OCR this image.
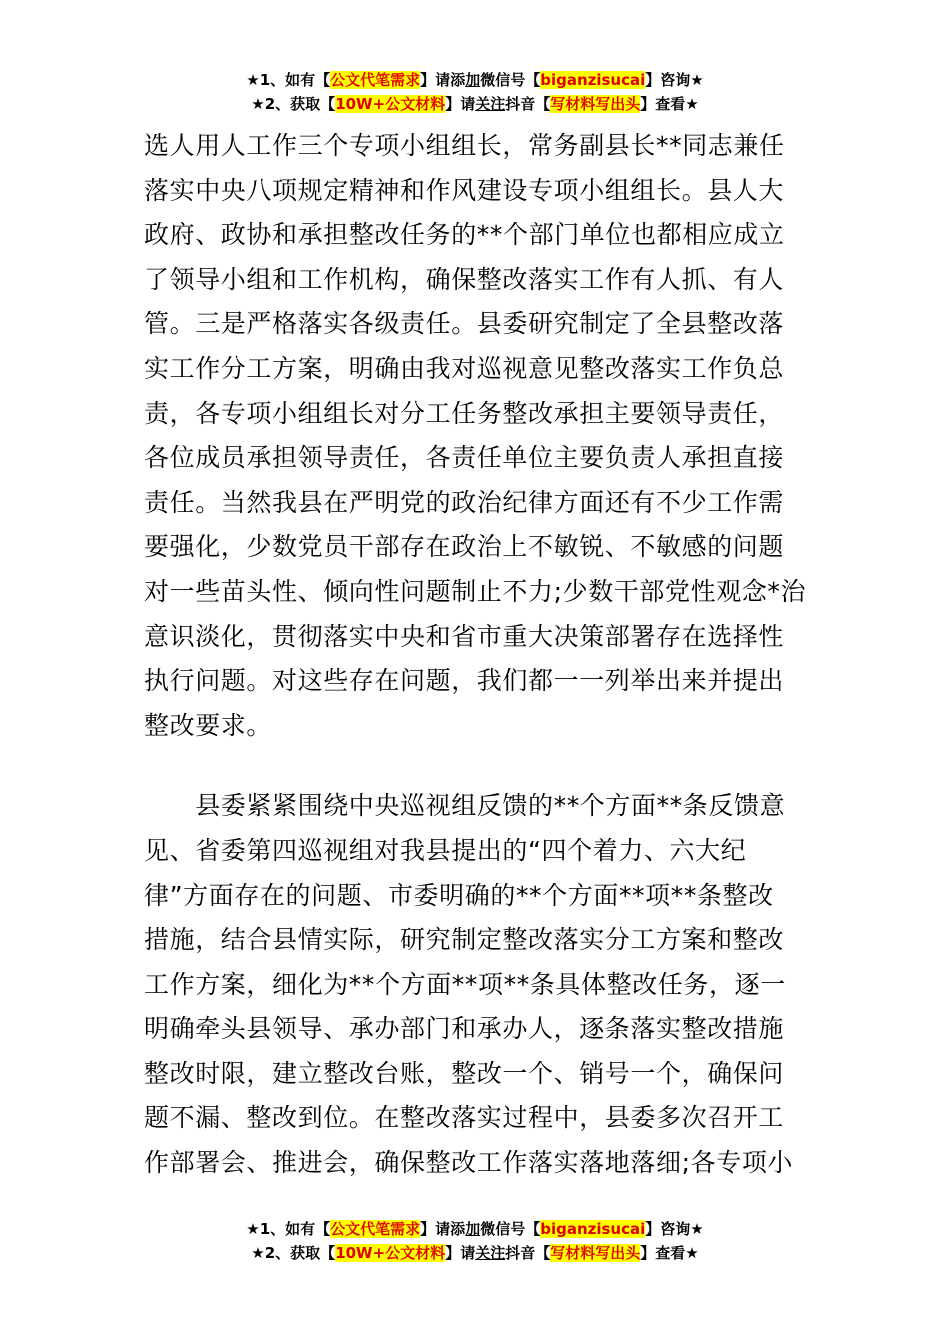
★1、如有【公文代笔需求】请添加微信号【biganzisucai】咨询★
★2、获取【10W+公文材料】请关注抖音【写材料写出头】查看★
选人用人工作三个专项小组组长，常务副县长**同志兼任
落实中央八项规定精神和作风建设专项小组组长。县人大
政府、政协和承担整改任务的**个部门单位也都相应成立
了领导小组和工作机构，确保整改落实工作有人抓、有人
管。三是严格落实各级责任。县委研究制定了全县整改落
实工作分工方案，明确由我对巡视意见整改落实工作负总
责，各专项小组组长对分工任务整改承担主要领导责任，
各位成员承担领导责任，各责任单位主要负责人承担直接
责任。当然我县在严明党的政治纪律方面还有不少工作需
要强化，少数党员干部存在政治上不敏锐、不敏感的问题
对一些苗头性、倾向性问题制止不力;少数干部党性观念*治
意识淡化，贯彻落实中央和省市重大决策部署存在选择性
执行问题。对这些存在问题，我们都一一列举出来并提出
整改要求。
　　县委紧紧围绕中央巡视组反馈的**个方面**条反馈意
见、省委第四巡视组对我县提出的“四个着力、六大纪
律”方面存在的问题、市委明确的**个方面**项**条整改
措施，结合县情实际，研究制定整改落实分工方案和整改
工作方案，细化为**个方面**项**条具体整改任务，逐一
明确牵头县领导、承办部门和承办人，逐条落实整改措施
整改时限，建立整改台账，整改一个、销号一个，确保问
题不漏、整改到位。在整改落实过程中，县委多次召开工
作部署会、推进会，确保整改工作落实落地落细;各专项小
★1、如有【公文代笔需求】请添加微信号【biganzisucai】咨询★
★2、获取【10W+公文材料】请关注抖音【写材料写出头】查看★
